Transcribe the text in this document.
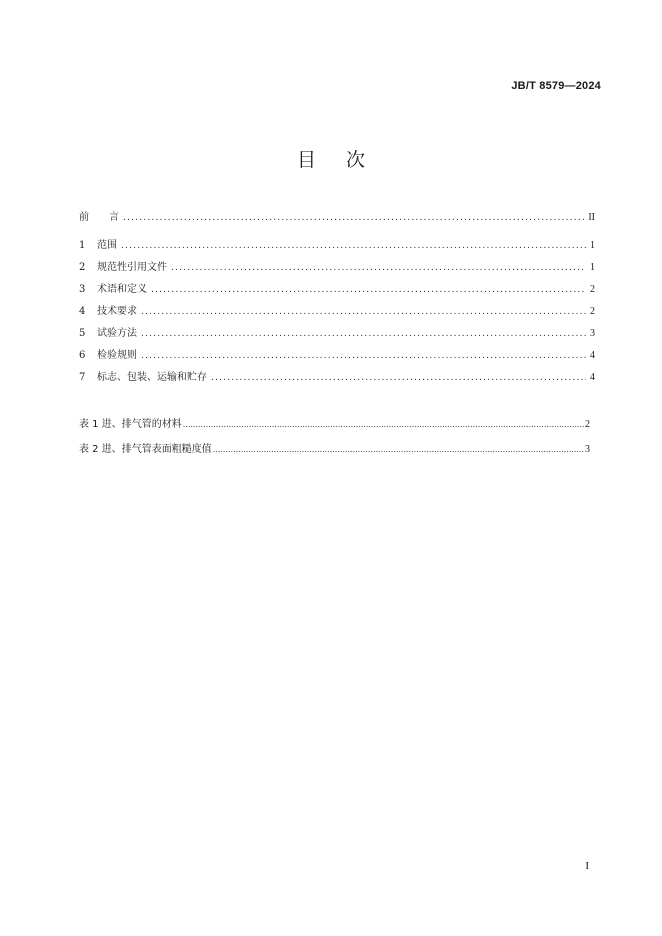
JB/T 8579—2024
目 次
前 言 .....	II
1	范围 .....	1
2	规范性引用文件 .....	1
3	术语和定义 .....	2
4	技术要求 .....	2
5	试验方法 .....	3
6	检验规则 .....	4
7	标志、包装、运输和贮存 .....	4
表 1 进、排气管的材料 .....	2
表 2 进、排气管表面粗糙度值 .....	3
I
